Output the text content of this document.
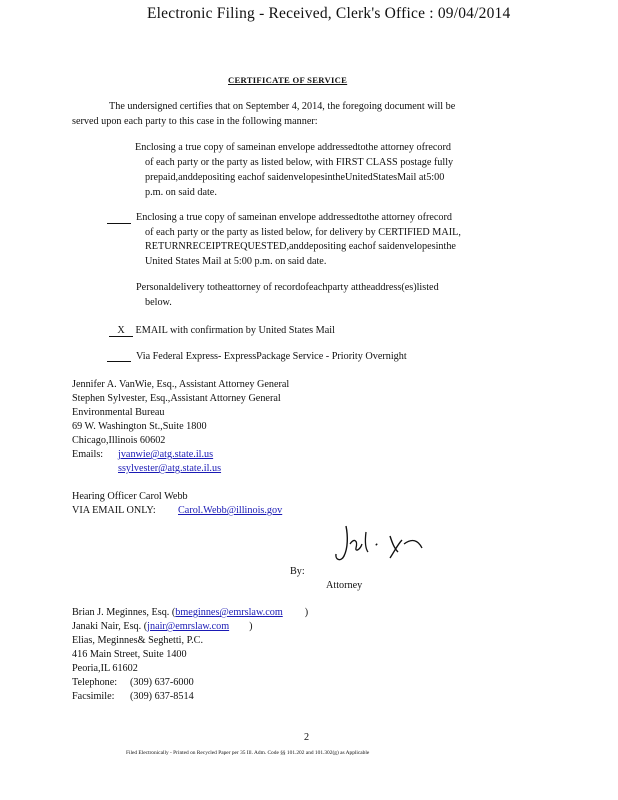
Electronic Filing - Received, Clerk's Office : 09/04/2014
CERTIFICATE OF SERVICE
The undersigned certifies that on September 4, 2014, the foregoing document will be
served upon each party to this case in the following manner:
Enclosing a true copy of sameinan envelope addressedtothe attorney ofrecord
of each party or the party as listed below, with FIRST CLASS postage fully
prepaid,anddepositing eachof saidenvelopesintheUnitedStatesMail at5:00
p.m. on said date.
Enclosing a true copy of sameinan envelope addressedtothe attorney ofrecord
of each party or the party as listed below, for delivery by CERTIFIED MAIL,
RETURNRECEIPTREQUESTED,anddepositing eachof saidenvelopesinthe
United States Mail at 5:00 p.m. on said date.
Personaldelivery totheattorney of recordofeachparty attheaddress(es)listed
below.
X EMAIL with confirmation by United States Mail
Via Federal Express- ExpressPackage Service - Priority Overnight
Jennifer A. VanWie, Esq., Assistant Attorney General
Stephen Sylvester, Esq.,Assistant Attorney General
Environmental Bureau
69 W. Washington St.,Suite 1800
Chicago,Illinois 60602
Emails: jvanwie@atg.state.il.us
ssylvester@atg.state.il.us
Hearing Officer Carol Webb
VIA EMAIL ONLY: Carol.Webb@illinois.gov
By:
Attorney
Brian J. Meginnes, Esq. (bmeginnes@emrslaw.com )
Janaki Nair, Esq. (jnair@emrslaw.com )
Elias, Meginnes& Seghetti, P.C.
416 Main Street, Suite 1400
Peoria,IL 61602
Telephone: (309) 637-6000
Facsimile: (309) 637-8514
2
Filed Electronically - Printed on Recycled Paper per 35 Ill. Adm. Code §§ 101.202 and 101.302(g) as Applicable
